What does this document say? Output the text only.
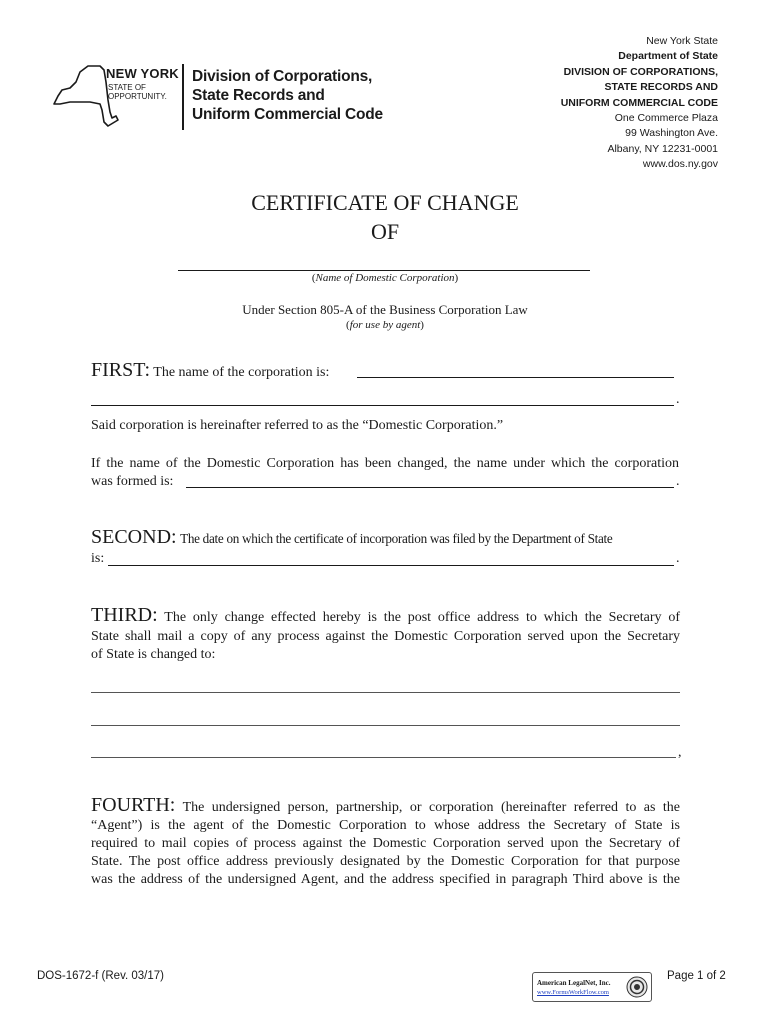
NEW YORK
STATE OF
OPPORTUNITY.
Division of Corporations,
State Records and
Uniform Commercial Code
New York State
Department of State
DIVISION OF CORPORATIONS,
STATE RECORDS AND
UNIFORM COMMERCIAL CODE
One Commerce Plaza
99 Washington Ave.
Albany, NY 12231-0001
www.dos.ny.gov
CERTIFICATE OF CHANGE
OF
(Name of Domestic Corporation)
Under Section 805-A of the Business Corporation Law
(for use by agent)
FIRST: The name of the corporation is:
.
Said corporation is hereinafter referred to as the “Domestic Corporation.”
If the name of the Domestic Corporation has been changed, the name under which the corporation
was formed is:	.
SECOND: The date on which the certificate of incorporation was filed by the Department of State
is:	.
THIRD: The only change effected hereby is the post office address to which the Secretary of
State shall mail a copy of any process against the Domestic Corporation served upon the Secretary
of State is changed to:
,
FOURTH: The undersigned person, partnership, or corporation (hereinafter referred to as the
“Agent”) is the agent of the Domestic Corporation to whose address the Secretary of State is
required to mail copies of process against the Domestic Corporation served upon the Secretary of
State. The post office address previously designated by the Domestic Corporation for that purpose
was the address of the undersigned Agent, and the address specified in paragraph Third above is the
DOS-1672-f (Rev. 03/17)
American LegalNet, Inc.
www.FormsWorkFlow.com
Page 1 of 2
